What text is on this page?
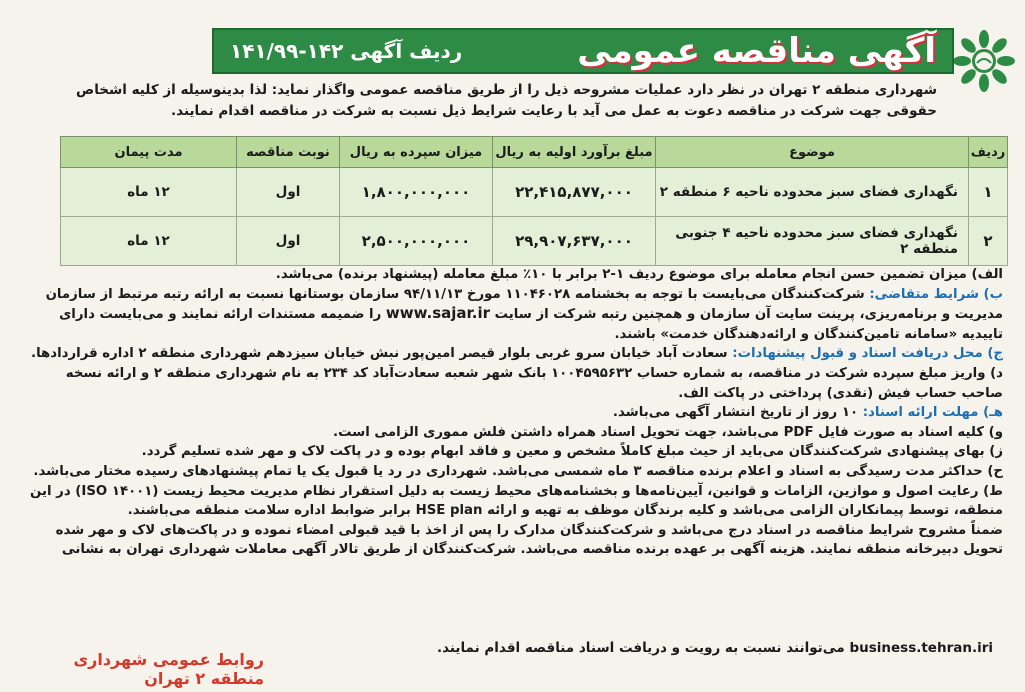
ردیف آگهی ۱۴۲-۱۴۱/۹۹	آگهی مناقصه عمومی
شهرداری منطقه ۲ تهران در نظر دارد عملیات مشروحه ذیل را از طریق مناقصه عمومی واگذار نماید: لذا بدینوسیله از کلیه اشخاص حقوقی جهت شرکت در مناقصه دعوت به عمل می آید با رعایت شرایط ذیل نسبت به شرکت در مناقصه اقدام نمایند.
ردیف	موضوع	مبلغ برآورد اولیه به ریال	میزان سپرده به ریال	نوبت مناقصه	مدت پیمان
۱	نگهداری فضای سبز محدوده ناحیه ۶ منطقه ۲	۲۲,۴۱۵,۸۷۷,۰۰۰	۱,۸۰۰,۰۰۰,۰۰۰	اول	۱۲ ماه
۲	نگهداری فضای سبز محدوده ناحیه ۴ جنوبی منطقه ۲	۲۹,۹۰۷,۶۳۷,۰۰۰	۲,۵۰۰,۰۰۰,۰۰۰	اول	۱۲ ماه
الف) میزان تضمین حسن انجام معامله برای موضوع ردیف ۱-۲ برابر با ۱۰٪ مبلغ معامله (پیشنهاد برنده) می‌باشد.
ب) شرایط متقاضی: شرکت‌کنندگان می‌بایست با توجه به بخشنامه ۱۱۰۴۶۰۲۸ مورخ ۹۴/۱۱/۱۳ سازمان بوستانها نسبت به ارائه رتبه مرتبط از سازمان مدیریت و برنامه‌ریزی، پرینت سایت آن سازمان و همچنین رتبه شرکت از سایت www.sajar.ir را ضمیمه مستندات ارائه نمایند و می‌بایست دارای تاییدیه «سامانه تامین‌کنندگان و ارائه‌دهندگان خدمت» باشند.
ج) محل دریافت اسناد و قبول پیشنهادات: سعادت آباد خیابان سرو غربی بلوار قیصر امین‌پور نبش خیابان سیزدهم شهرداری منطقه ۲ اداره قراردادها.
د) واریز مبلغ سپرده شرکت در مناقصه، به شماره حساب ۱۰۰۴۵۹۵۶۳۲ بانک شهر شعبه سعادت‌آباد کد ۲۳۴ به نام شهرداری منطقه ۲ و ارائه نسخه صاحب حساب فیش (نقدی) پرداختی در پاکت الف.
هـ) مهلت ارائه اسناد: ۱۰ روز از تاریخ انتشار آگهی می‌باشد.
و) کلیه اسناد به صورت فایل PDF می‌باشد، جهت تحویل اسناد همراه داشتن فلش مموری الزامی است.
ز) بهای پیشنهادی شرکت‌کنندگان می‌باید از حیث مبلغ کاملاً مشخص و معین و فاقد ابهام بوده و در پاکت لاک و مهر شده تسلیم گردد.
ح) حداکثر مدت رسیدگی به اسناد و اعلام برنده مناقصه ۳ ماه شمسی می‌باشد. شهرداری در رد یا قبول یک یا تمام پیشنهادهای رسیده مختار می‌باشد.
ط) رعایت اصول و موازین، الزامات و قوانین، آیین‌نامه‌ها و بخشنامه‌های محیط زیست به دلیل استقرار نظام مدیریت محیط زیست (ISO ۱۴۰۰۱) در این منطقه، توسط پیمانکاران الزامی می‌باشد و کلیه برندگان موظف به تهیه و ارائه HSE plan برابر ضوابط اداره سلامت منطقه می‌باشند.
ضمناً مشروح شرایط مناقصه در اسناد درج می‌باشد و شرکت‌کنندگان مدارک را پس از اخذ با قید قبولی امضاء نموده و در پاکت‌های لاک و مهر شده تحویل دبیرخانه منطقه نمایند. هزینه آگهی بر عهده برنده مناقصه می‌باشد. شرکت‌کنندگان از طریق تالار آگهی معاملات شهرداری تهران به نشانی
business.tehran.iri می‌توانند نسبت به رویت و دریافت اسناد مناقصه اقدام نمایند.
روابط عمومی شهرداری منطقه ۲ تهران
